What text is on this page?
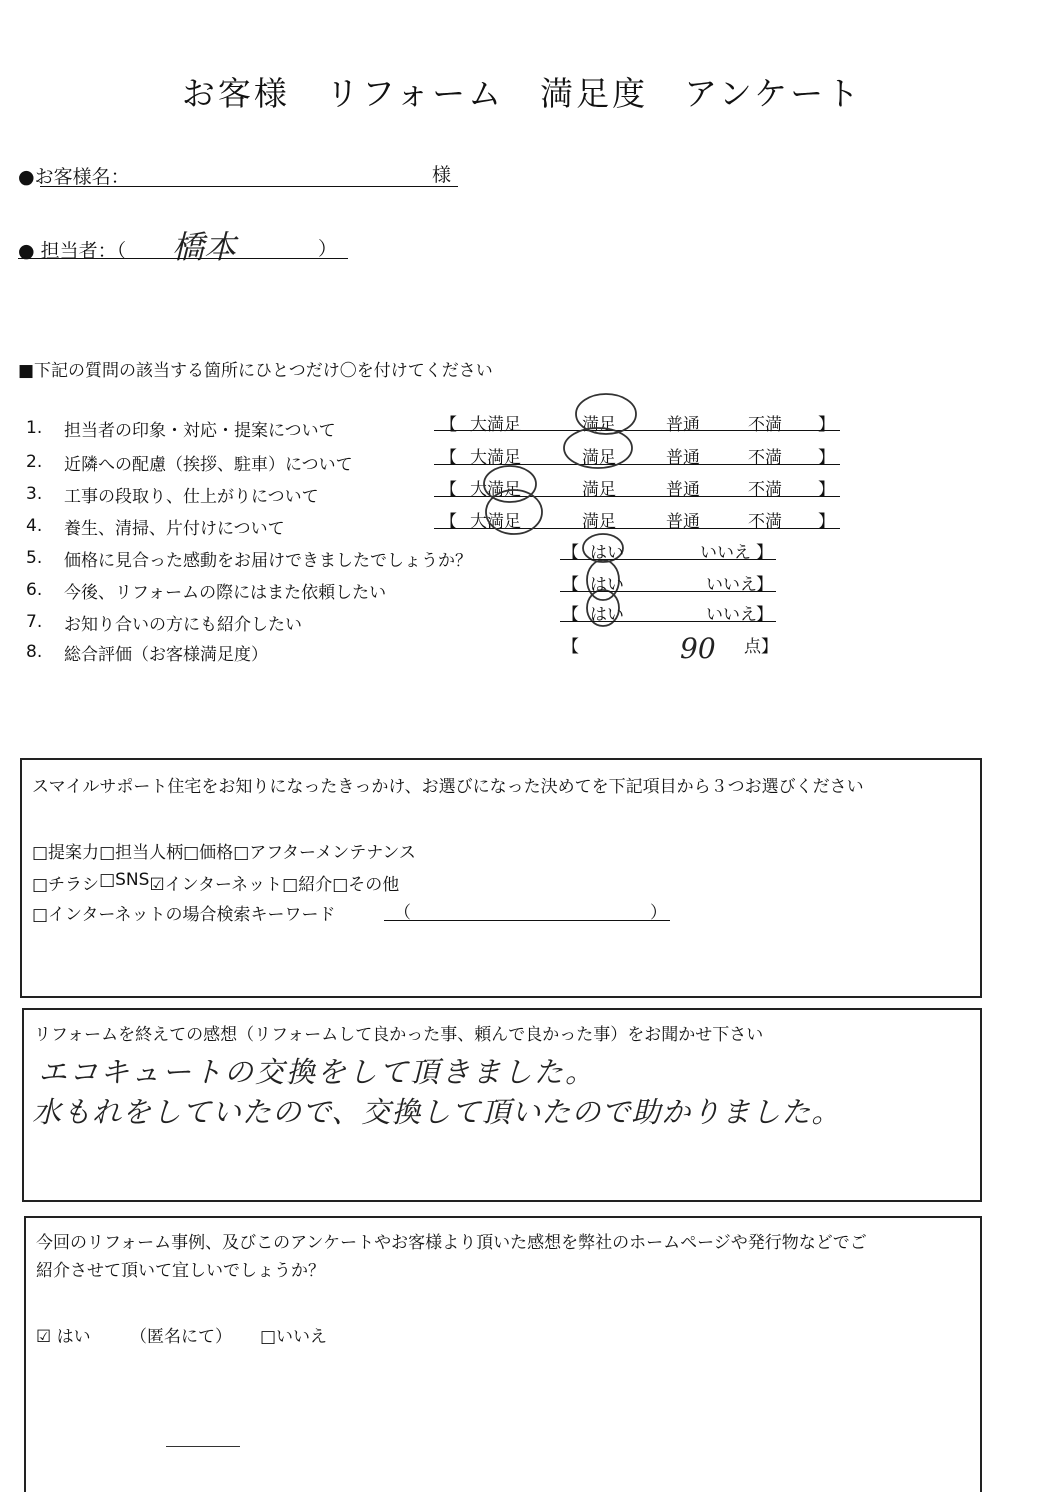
お客様　リフォーム　満足度　アンケート
●お客様名：	様
● 担当者：（ 橋本	）
■下記の質問の該当する箇所にひとつだけ〇を付けてください
1. 担当者の印象・対応・提案について	【 大満足	満足	普通	不満 】
2. 近隣への配慮（挨拶、駐車）について	【 大満足	満足	普通	不満 】
3. 工事の段取り、仕上がりについて	【 大満足	満足	普通	不満 】
4. 養生、清掃、片付けについて	【 大満足	満足	普通	不満 】
5. 価格に見合った感動をお届けできましたでしょうか？	【 はい	いいえ 】
6. 今後、リフォームの際にはまた依頼したい	【 はい	いいえ 】
7. お知り合いの方にも紹介したい	【 はい	いいえ 】
8. 総合評価（お客様満足度）	【	90 点】
スマイルサポート住宅をお知りになったきっかけ、お選びになった決めてを下記項目から３つお選びください
□提案力 □担当人柄 □価格 □アフターメンテナンス
□チラシ □SNS ☑インターネット □紹介 □その他
□インターネットの場合検索キーワード	（	）
リフォームを終えての感想（リフォームして良かった事、頼んで良かった事）をお聞かせ下さい
エコキュートの交換をして頂きました。
水もれをしていたので、交換して頂いたので助かりました。
今回のリフォーム事例、及びこのアンケートやお客様より頂いた感想を弊社のホームページや発行物などでご
紹介させて頂いて宜しいでしょうか？
☑ はい （匿名にて） □いいえ
